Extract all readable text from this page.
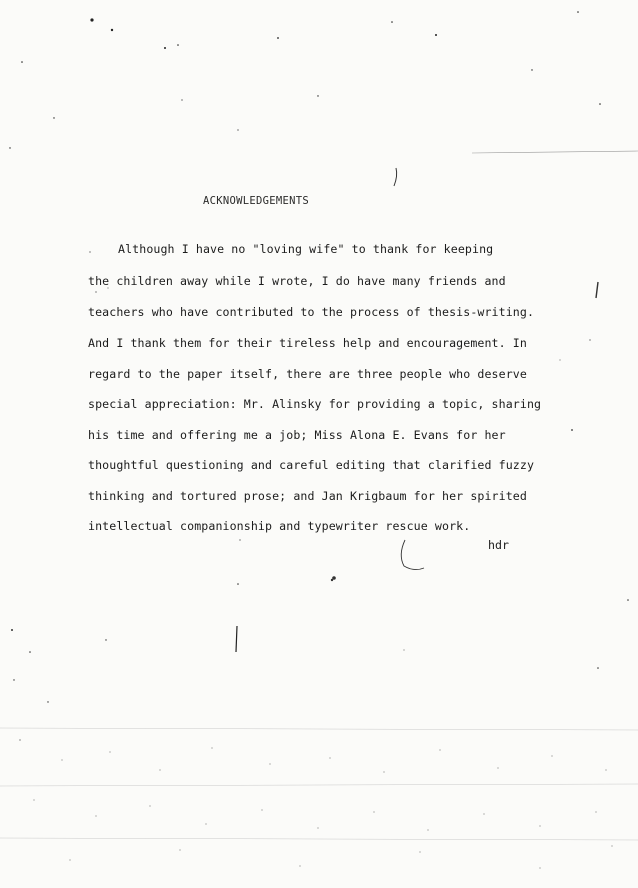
ACKNOWLEDGEMENTS
Although I have no "loving wife" to thank for keeping
the children away while I wrote, I do have many friends and
teachers who have contributed to the process of thesis-writing.
And I thank them for their tireless help and encouragement. In
regard to the paper itself, there are three people who deserve
special appreciation: Mr. Alinsky for providing a topic, sharing
his time and offering me a job; Miss Alona E. Evans for her
thoughtful questioning and careful editing that clarified fuzzy
thinking and tortured prose; and Jan Krigbaum for her spirited
intellectual companionship and typewriter rescue work.
hdr
